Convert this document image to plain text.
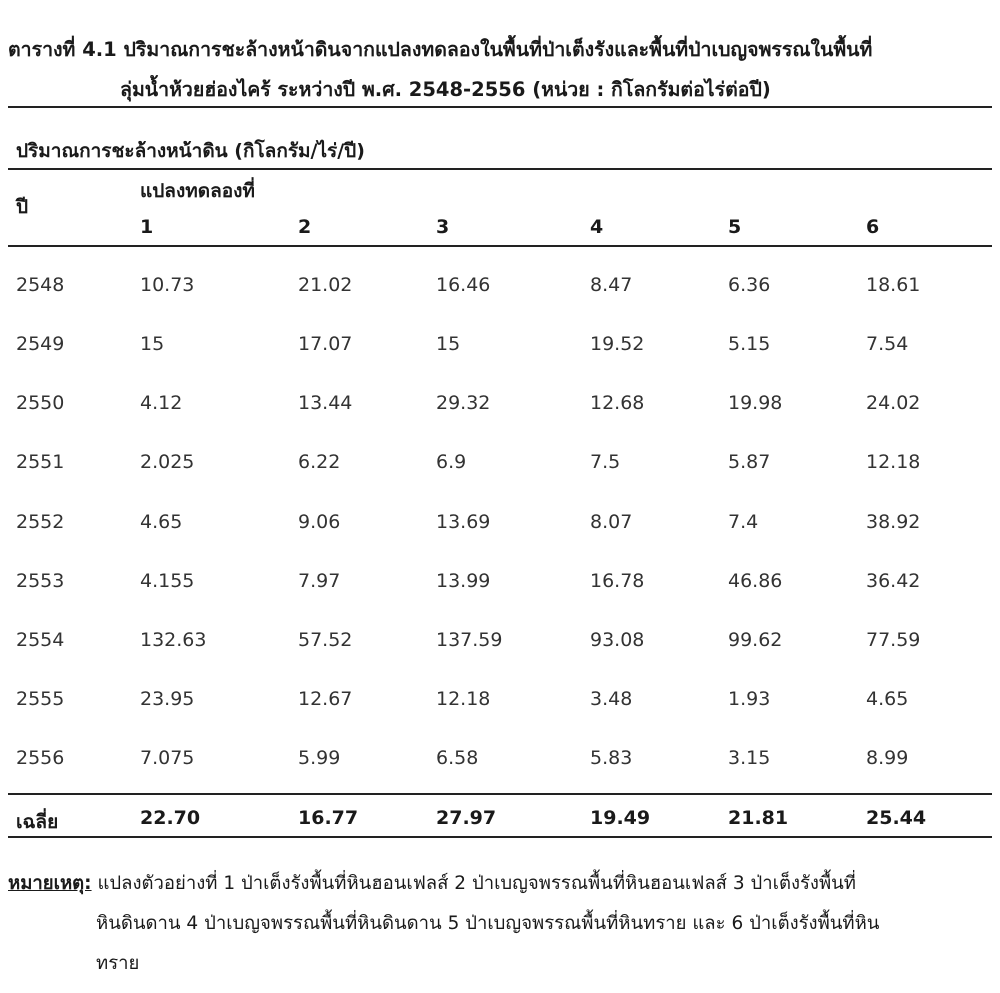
ตารางที่ 4.1 ปริมาณการชะล้างหน้าดินจากแปลงทดลองในพื้นที่ป่าเต็งรังและพื้นที่ป่าเบญจพรรณในพื้นที่
ลุ่มน้ำห้วยฮ่องไคร้ ระหว่างปี พ.ศ. 2548-2556 (หน่วย : กิโลกรัมต่อไร่ต่อปี)
ปริมาณการชะล้างหน้าดิน (กิโลกรัม/ไร่/ปี)
ปี
แปลงทดลองที่
1	2	3	4	5	6
2548	10.73	21.02	16.46	8.47	6.36	18.61
2549	15	17.07	15	19.52	5.15	7.54
2550	4.12	13.44	29.32	12.68	19.98	24.02
2551	2.025	6.22	6.9	7.5	5.87	12.18
2552	4.65	9.06	13.69	8.07	7.4	38.92
2553	4.155	7.97	13.99	16.78	46.86	36.42
2554	132.63	57.52	137.59	93.08	99.62	77.59
2555	23.95	12.67	12.18	3.48	1.93	4.65
2556	7.075	5.99	6.58	5.83	3.15	8.99
เฉลี่ย	22.70	16.77	27.97	19.49	21.81	25.44
หมายเหตุ: แปลงตัวอย่างที่ 1 ป่าเต็งรังพื้นที่หินฮอนเฟลส์ 2 ป่าเบญจพรรณพื้นที่หินฮอนเฟลส์ 3 ป่าเต็งรังพื้นที่
หินดินดาน 4 ป่าเบญจพรรณพื้นที่หินดินดาน 5 ป่าเบญจพรรณพื้นที่หินทราย และ 6 ป่าเต็งรังพื้นที่หิน
ทราย
